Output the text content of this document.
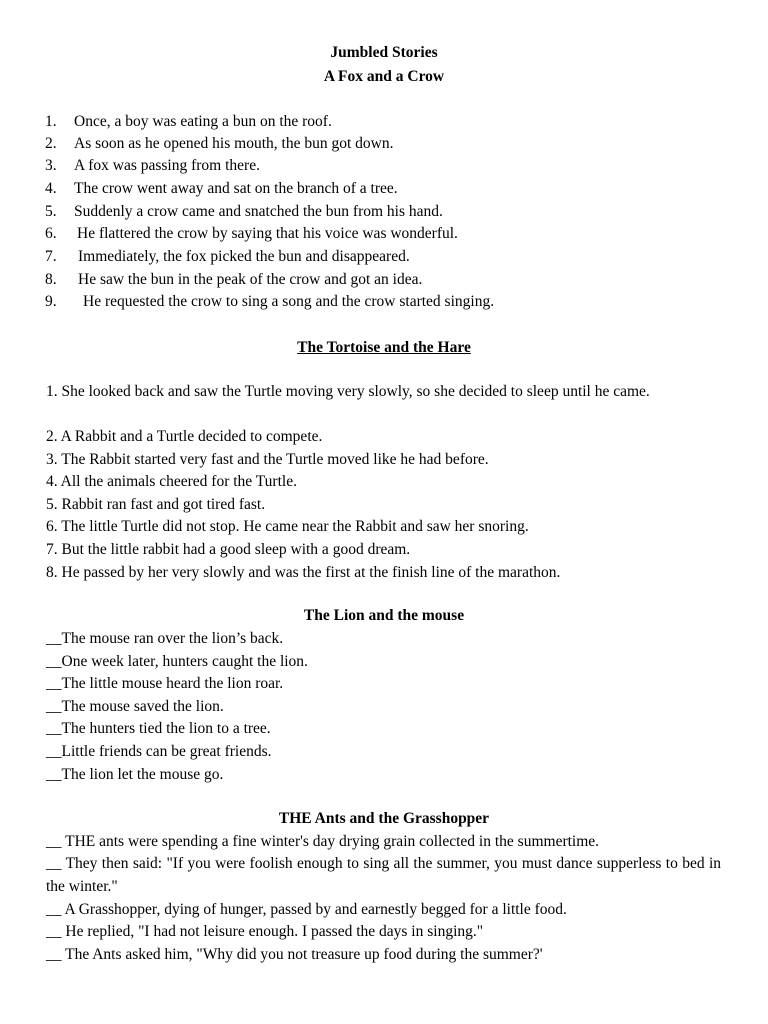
Jumbled Stories
A Fox and a Crow
1. Once, a boy was eating a bun on the roof.
2. As soon as he opened his mouth, the bun got down.
3. A fox was passing from there.
4. The crow went away and sat on the branch of a tree.
5. Suddenly a crow came and snatched the bun from his hand.
6. He flattered the crow by saying that his voice was wonderful.
7. Immediately, the fox picked the bun and disappeared.
8. He saw the bun in the peak of the crow and got an idea.
9. He requested the crow to sing a song and the crow started singing.
The Tortoise and the Hare
1. She looked back and saw the Turtle moving very slowly, so she decided to sleep until he came.
2. A Rabbit and a Turtle decided to compete.
3. The Rabbit started very fast and the Turtle moved like he had before.
4. All the animals cheered for the Turtle.
5. Rabbit ran fast and got tired fast.
6. The little Turtle did not stop. He came near the Rabbit and saw her snoring.
7. But the little rabbit had a good sleep with a good dream.
8. He passed by her very slowly and was the first at the finish line of the marathon.
The Lion and the mouse
__The mouse ran over the lion’s back.
__One week later, hunters caught the lion.
__The little mouse heard the lion roar.
__The mouse saved the lion.
__The hunters tied the lion to a tree.
__Little friends can be great friends.
__The lion let the mouse go.
THE Ants and the Grasshopper
__ THE ants were spending a fine winter's day drying grain collected in the summertime.
__ They then said: "If you were foolish enough to sing all the summer, you must dance supperless to bed in the winter."
__ A Grasshopper, dying of hunger, passed by and earnestly begged for a little food.
__ He replied, "I had not leisure enough. I passed the days in singing."
__ The Ants asked him, "Why did you not treasure up food during the summer?'
